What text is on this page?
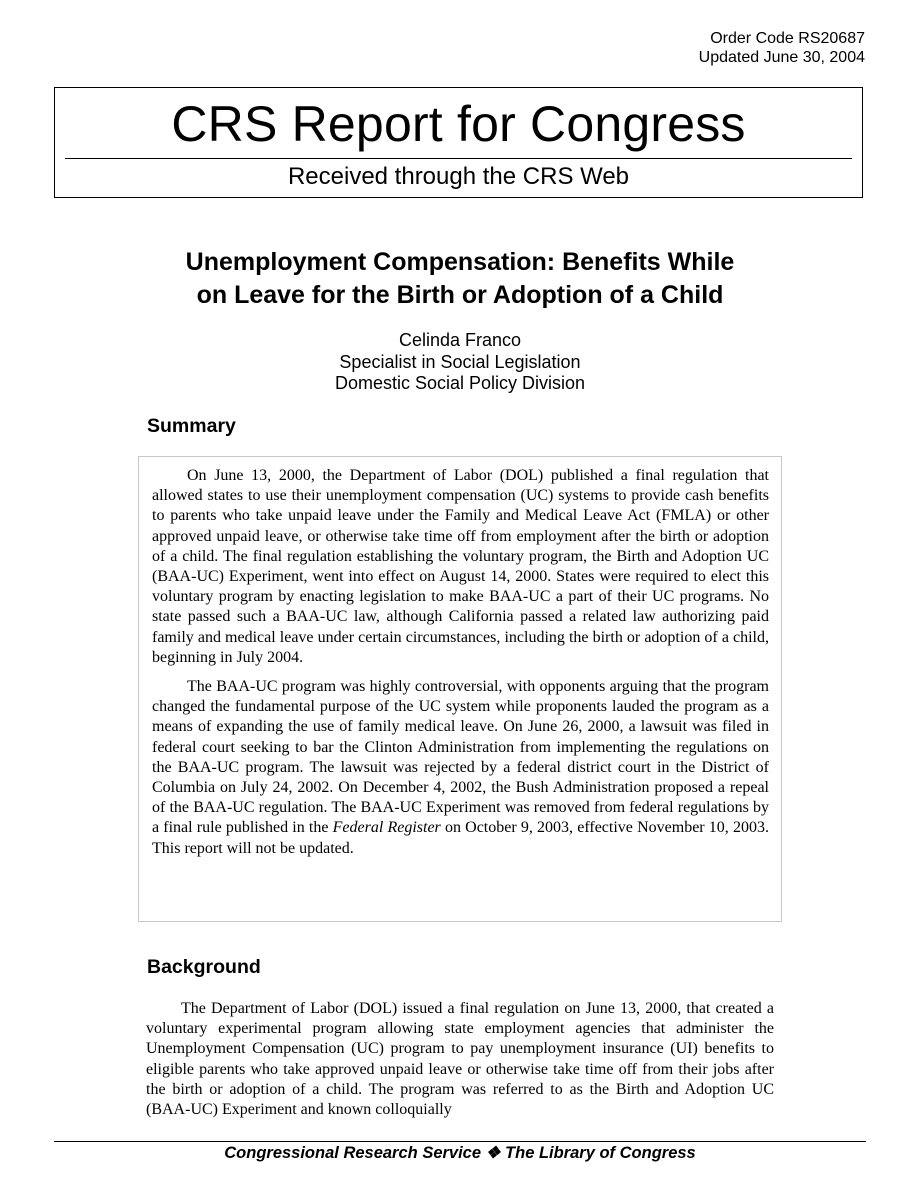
Order Code RS20687
Updated June 30, 2004
CRS Report for Congress
Received through the CRS Web
Unemployment Compensation: Benefits While
on Leave for the Birth or Adoption of a Child
Celinda Franco
Specialist in Social Legislation
Domestic Social Policy Division
Summary

On June 13, 2000, the Department of Labor (DOL) published a final regulation that allowed states to use their unemployment compensation (UC) systems to provide cash benefits to parents who take unpaid leave under the Family and Medical Leave Act (FMLA) or other approved unpaid leave, or otherwise take time off from employment after the birth or adoption of a child. The final regulation establishing the voluntary program, the Birth and Adoption UC (BAA-UC) Experiment, went into effect on August 14, 2000. States were required to elect this voluntary program by enacting legislation to make BAA-UC a part of their UC programs. No state passed such a BAA-UC law, although California passed a related law authorizing paid family and medical leave under certain circumstances, including the birth or adoption of a child, beginning in July 2004.

The BAA-UC program was highly controversial, with opponents arguing that the program changed the fundamental purpose of the UC system while proponents lauded the program as a means of expanding the use of family medical leave. On June 26, 2000, a lawsuit was filed in federal court seeking to bar the Clinton Administration from implementing the regulations on the BAA-UC program. The lawsuit was rejected by a federal district court in the District of Columbia on July 24, 2002. On December 4, 2002, the Bush Administration proposed a repeal of the BAA-UC regulation. The BAA-UC Experiment was removed from federal regulations by a final rule published in the Federal Register on October 9, 2003, effective November 10, 2003. This report will not be updated.

Background

The Department of Labor (DOL) issued a final regulation on June 13, 2000, that created a voluntary experimental program allowing state employment agencies that administer the Unemployment Compensation (UC) program to pay unemployment insurance (UI) benefits to eligible parents who take approved unpaid leave or otherwise take time off from their jobs after the birth or adoption of a child. The program was referred to as the Birth and Adoption UC (BAA-UC) Experiment and known colloquially

Congressional Research Service ❖ The Library of Congress
